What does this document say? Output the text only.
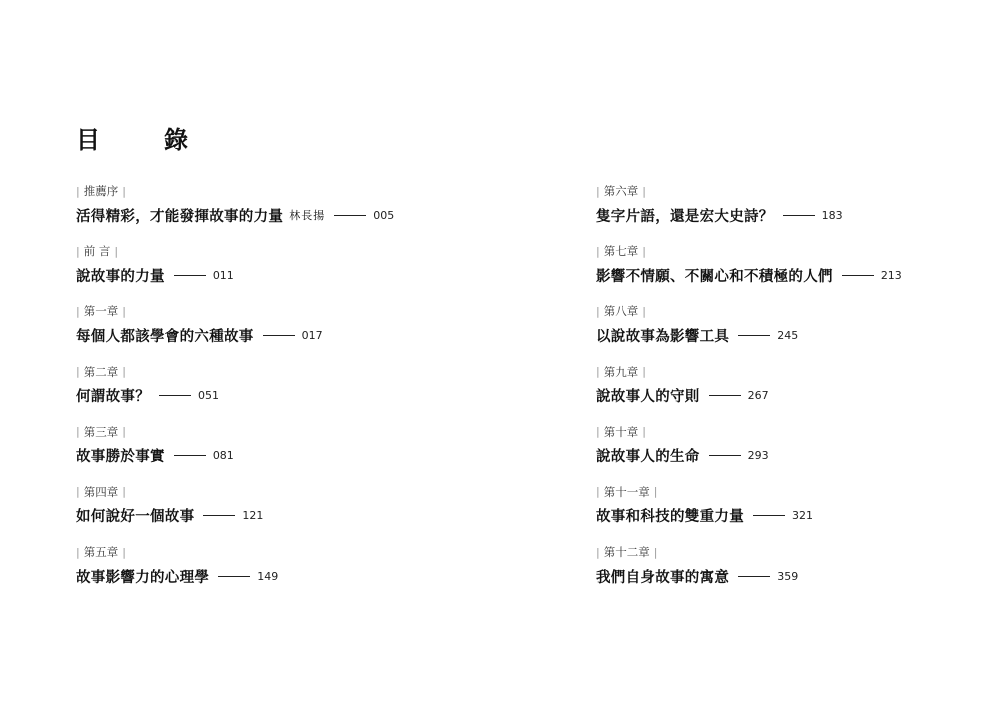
目　錄
| 推薦序 |
活得精彩，才能發揮故事的力量 林長揚	005
| 前 言 |
說故事的力量	011
| 第一章 |
每個人都該學會的六種故事	017
| 第二章 |
何謂故事？	051
| 第三章 |
故事勝於事實	081
| 第四章 |
如何說好一個故事	121
| 第五章 |
故事影響力的心理學	149
| 第六章 |
隻字片語，還是宏大史詩？	183
| 第七章 |
影響不情願、不關心和不積極的人們	213
| 第八章 |
以說故事為影響工具	245
| 第九章 |
說故事人的守則	267
| 第十章 |
說故事人的生命	293
| 第十一章 |
故事和科技的雙重力量	321
| 第十二章 |
我們自身故事的寓意	359
